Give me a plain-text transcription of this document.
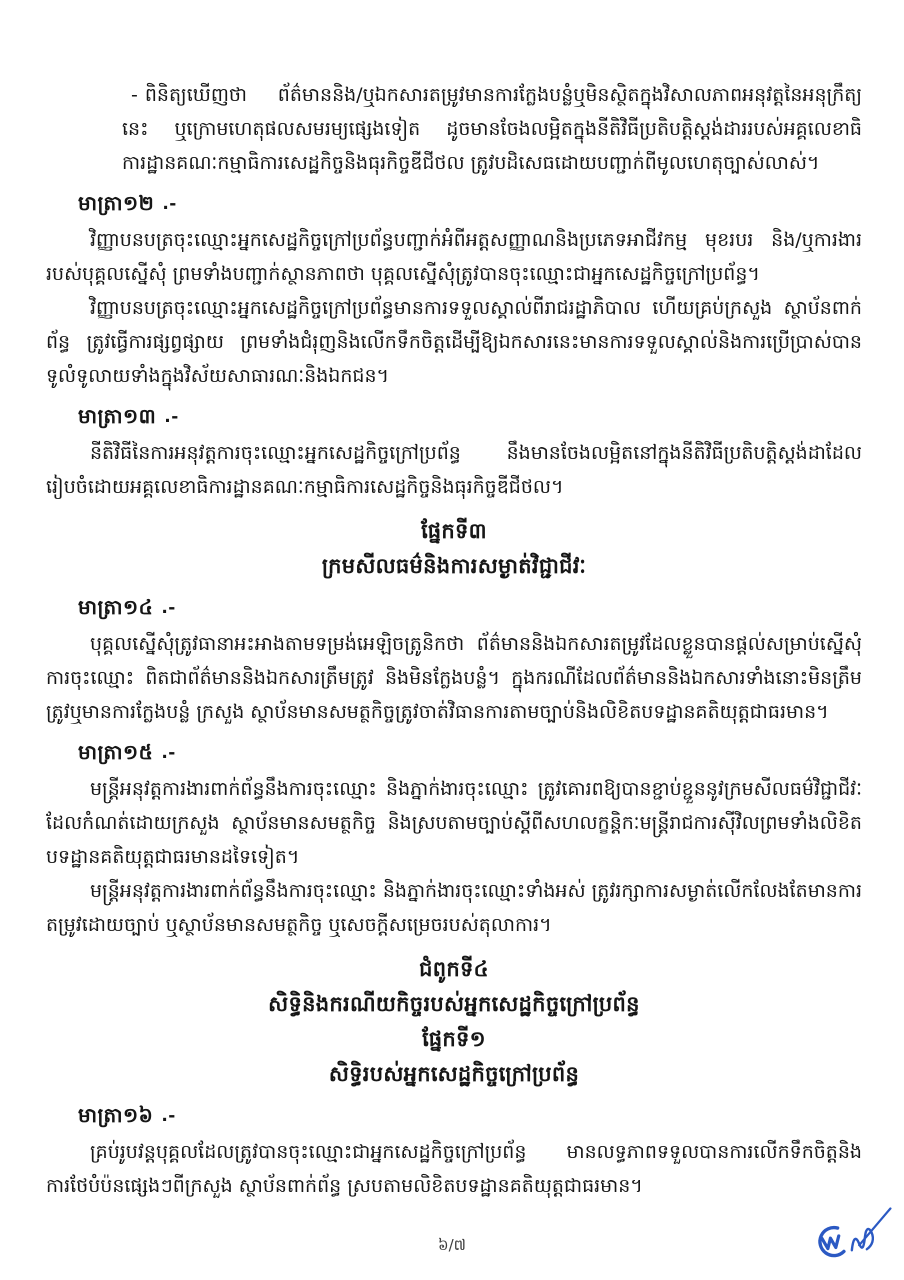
- ពិនិត្យឃើញថា ព័ត៌មាននិង/ឬឯកសារតម្រូវមានការក្លែងបន្លំឬមិនស្ថិតក្នុងវិសាលភាពអនុវត្តនៃអនុក្រឹត្យនេះ ឬក្រោមហេតុផលសមរម្យផ្សេងទៀត ដូចមានចែងលម្អិតក្នុងនីតិវិធីប្រតិបត្តិស្តង់ដាររបស់អគ្គលេខាធិការដ្ឋានគណៈកម្មាធិការសេដ្ឋកិច្ចនិងធុរកិច្ចឌីជីថល ត្រូវបដិសេធដោយបញ្ជាក់ពីមូលហេតុច្បាស់លាស់។
មាត្រា១២ .-

វិញ្ញាបនបត្រចុះឈ្មោះអ្នកសេដ្ឋកិច្ចក្រៅប្រព័ន្ធបញ្ជាក់អំពីអត្តសញ្ញាណនិងប្រភេទអាជីវកម្ម មុខរបរ និង/ឬការងាររបស់បុគ្គលស្នើសុំ ព្រមទាំងបញ្ជាក់ស្ថានភាពថា បុគ្គលស្នើសុំត្រូវបានចុះឈ្មោះជាអ្នកសេដ្ឋកិច្ចក្រៅប្រព័ន្ធ។

វិញ្ញាបនបត្រចុះឈ្មោះអ្នកសេដ្ឋកិច្ចក្រៅប្រព័ន្ធមានការទទួលស្គាល់ពីរាជរដ្ឋាភិបាល ហើយគ្រប់ក្រសួង ស្ថាប័នពាក់ព័ន្ធ ត្រូវធ្វើការផ្សព្វផ្សាយ ព្រមទាំងជំរុញនិងលើកទឹកចិត្តដើម្បីឱ្យឯកសារនេះមានការទទួលស្គាល់និងការប្រើប្រាស់បានទូលំទូលាយទាំងក្នុងវិស័យសាធារណៈនិងឯកជន។

មាត្រា១៣ .-

នីតិវិធីនៃការអនុវត្តការចុះឈ្មោះអ្នកសេដ្ឋកិច្ចក្រៅប្រព័ន្ធ នឹងមានចែងលម្អិតនៅក្នុងនីតិវិធីប្រតិបត្តិស្តង់ដាដែលរៀបចំដោយអគ្គលេខាធិការដ្ឋានគណៈកម្មាធិការសេដ្ឋកិច្ចនិងធុរកិច្ចឌីជីថល។

ផ្នែកទី៣
ក្រមសីលធម៌និងការសម្ងាត់វិជ្ជាជីវៈ
មាត្រា១៤ .-

បុគ្គលស្នើសុំត្រូវធានាអះអាងតាមទម្រង់អេឡិចត្រូនិកថា ព័ត៌មាននិងឯកសារតម្រូវដែលខ្លួនបានផ្តល់សម្រាប់ស្នើសុំការចុះឈ្មោះ ពិតជាព័ត៌មាននិងឯកសារត្រឹមត្រូវ និងមិនក្លែងបន្លំ។ ក្នុងករណីដែលព័ត៌មាននិងឯកសារទាំងនោះមិនត្រឹមត្រូវឬមានការក្លែងបន្លំ ក្រសួង ស្ថាប័នមានសមត្ថកិច្ចត្រូវចាត់វិធានការតាមច្បាប់និងលិខិតបទដ្ឋានគតិយុត្តជាធរមាន។

មាត្រា១៥ .-

មន្ត្រីអនុវត្តការងារពាក់ព័ន្ធនឹងការចុះឈ្មោះ និងភ្នាក់ងារចុះឈ្មោះ ត្រូវគោរពឱ្យបានខ្ជាប់ខ្ជួននូវក្រមសីលធម៌វិជ្ជាជីវៈ ដែលកំណត់ដោយក្រសួង ស្ថាប័នមានសមត្ថកិច្ច និងស្របតាមច្បាប់ស្តីពីសហលក្ខន្តិកៈមន្ត្រីរាជការស៊ីវិលព្រមទាំងលិខិតបទដ្ឋានគតិយុត្តជាធរមានដទៃទៀត។

មន្ត្រីអនុវត្តការងារពាក់ព័ន្ធនឹងការចុះឈ្មោះ និងភ្នាក់ងារចុះឈ្មោះទាំងអស់ ត្រូវរក្សាការសម្ងាត់លើកលែងតែមានការតម្រូវដោយច្បាប់ ឬស្ថាប័នមានសមត្ថកិច្ច ឬសេចក្តីសម្រេចរបស់តុលាការ។

ជំពូកទី៤
សិទ្ធិនិងករណីយកិច្ចរបស់អ្នកសេដ្ឋកិច្ចក្រៅប្រព័ន្ធ
ផ្នែកទី១
សិទ្ធិរបស់អ្នកសេដ្ឋកិច្ចក្រៅប្រព័ន្ធ
មាត្រា១៦ .-

គ្រប់រូបវន្តបុគ្គលដែលត្រូវបានចុះឈ្មោះជាអ្នកសេដ្ឋកិច្ចក្រៅប្រព័ន្ធ មានលទ្ធភាពទទួលបានការលើកទឹកចិត្តនិងការថែបំប៉នផ្សេងៗពីក្រសួង ស្ថាប័នពាក់ព័ន្ធ ស្របតាមលិខិតបទដ្ឋានគតិយុត្តជាធរមាន។

៦/៧
